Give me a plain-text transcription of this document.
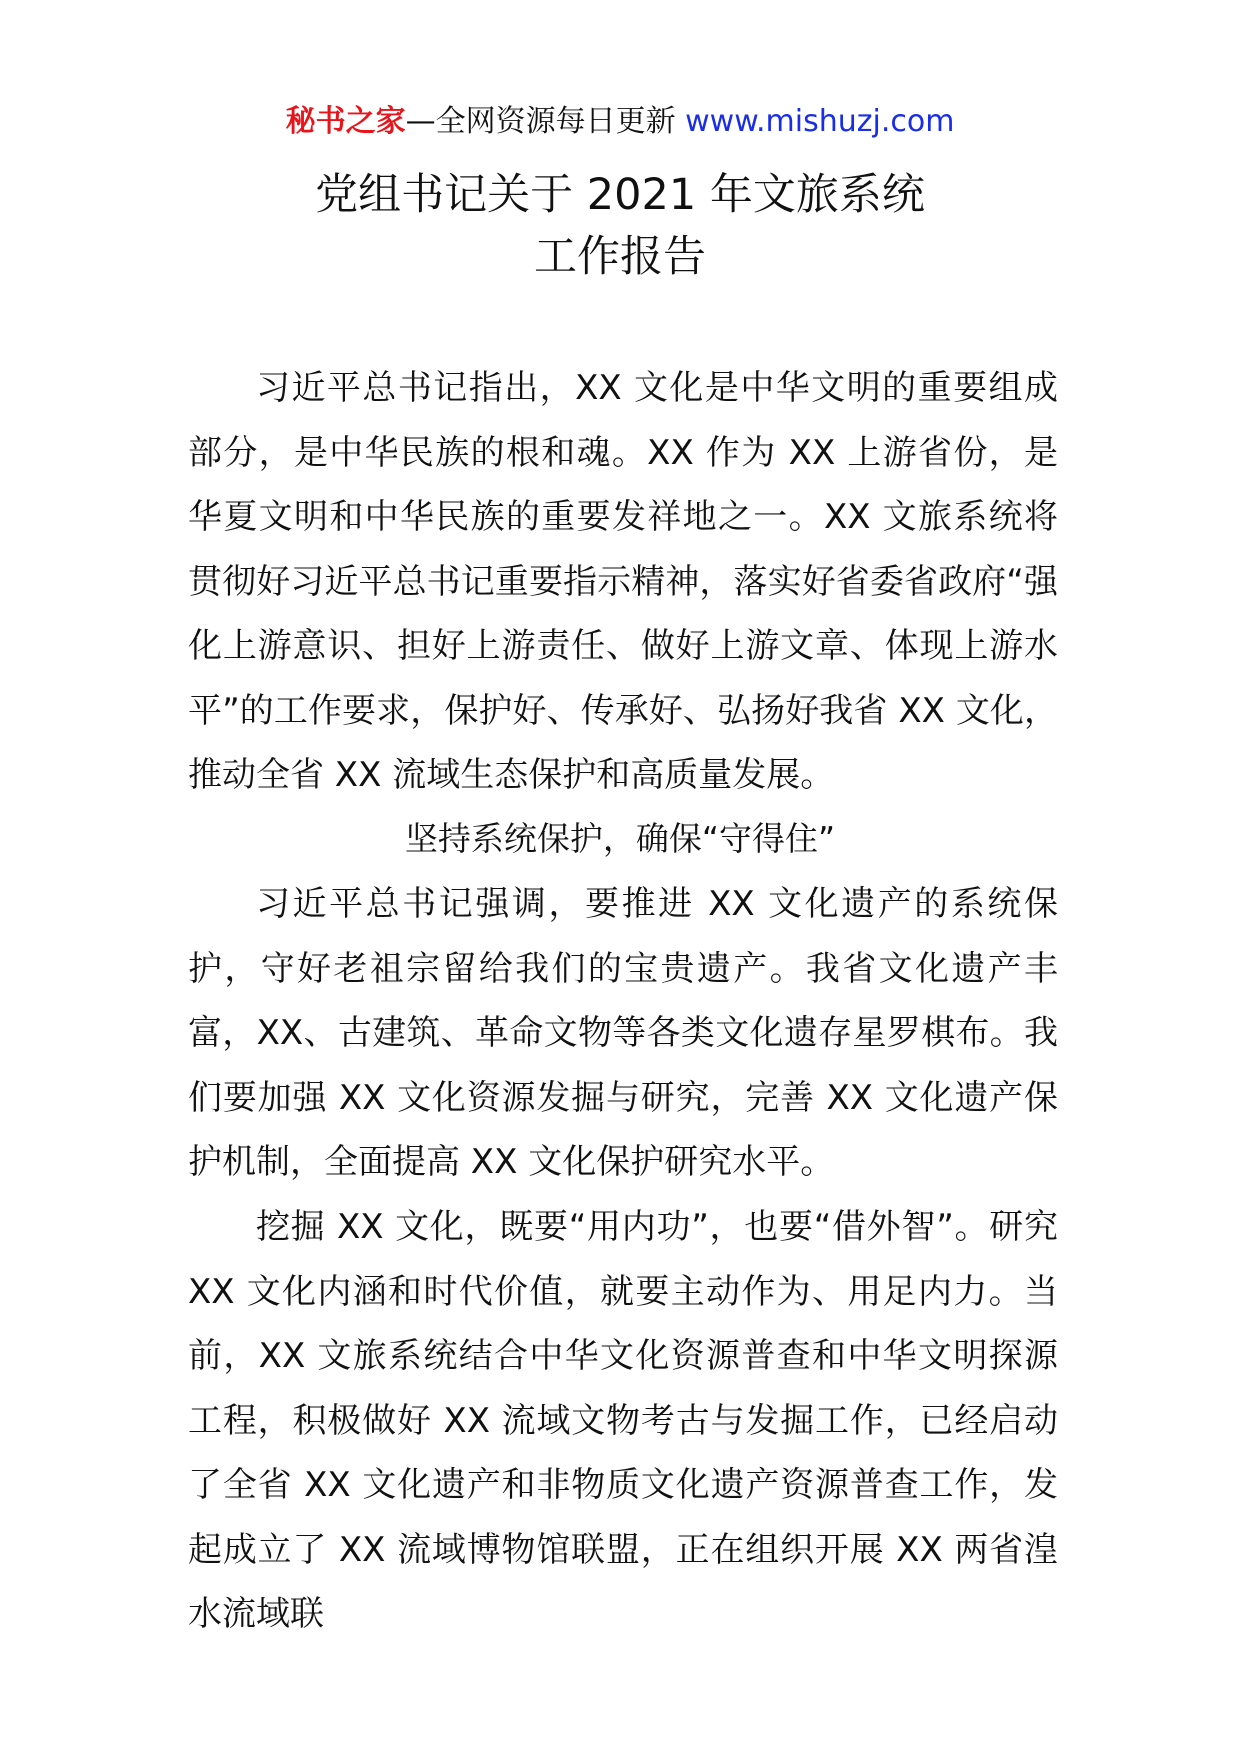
秘书之家—全网资源每日更新 www.mishuzj.com
党组书记关于 2021 年文旅系统
工作报告

习近平总书记指出，XX 文化是中华文明的重要组成部分，是中华民族的根和魂。XX 作为 XX 上游省份，是华夏文明和中华民族的重要发祥地之一。XX 文旅系统将贯彻好习近平总书记重要指示精神，落实好省委省政府“强化上游意识、担好上游责任、做好上游文章、体现上游水平”的工作要求，保护好、传承好、弘扬好我省 XX 文化，推动全省 XX 流域生态保护和高质量发展。

坚持系统保护，确保“守得住”

习近平总书记强调，要推进 XX 文化遗产的系统保护，守好老祖宗留给我们的宝贵遗产。我省文化遗产丰富，XX、古建筑、革命文物等各类文化遗存星罗棋布。我们要加强 XX 文化资源发掘与研究，完善 XX 文化遗产保护机制，全面提高 XX 文化保护研究水平。

挖掘 XX 文化，既要“用内功”，也要“借外智”。研究 XX 文化内涵和时代价值，就要主动作为、用足内力。当前，XX 文旅系统结合中华文化资源普查和中华文明探源工程，积极做好 XX 流域文物考古与发掘工作，已经启动了全省 XX 文化遗产和非物质文化遗产资源普查工作，发起成立了 XX 流域博物馆联盟，正在组织开展 XX 两省湟水流域联
